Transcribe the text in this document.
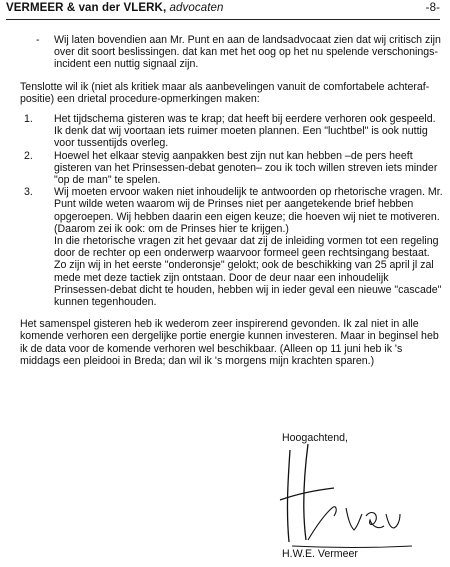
VERMEER & van der VLERK, advocaten	-8-
- Wij laten bovendien aan Mr. Punt en aan de landsadvocaat zien dat wij critisch zijn over dit soort beslissingen. dat kan met het oog op het nu spelende verschonings-incident een nuttig signaal zijn.
Tenslotte wil ik (niet als kritiek maar als aanbevelingen vanuit de comfortabele achteraf-positie) een drietal procedure-opmerkingen maken:
1. Het tijdschema gisteren was te krap; dat heeft bij eerdere verhoren ook gespeeld. Ik denk dat wij voortaan iets ruimer moeten plannen. Een "luchtbel" is ook nuttig voor tussentijds overleg.
2. Hoewel het elkaar stevig aanpakken best zijn nut kan hebben –de pers heeft gisteren van het Prinsessen-debat genoten– zou ik toch willen streven iets minder "op de man" te spelen.
3. Wij moeten ervoor waken niet inhoudelijk te antwoorden op rhetorische vragen. Mr. Punt wilde weten waarom wij de Prinses niet per aangetekende brief hebben opgeroepen. Wij hebben daarin een eigen keuze; die hoeven wij niet te motiveren. (Daarom zei ik ook: om de Prinses hier te krijgen.)
In die rhetorische vragen zit het gevaar dat zij de inleiding vormen tot een regeling door de rechter op een onderwerp waarvoor formeel geen rechtsingang bestaat. Zo zijn wij in het eerste "onderonsje" gelokt; ook de beschikking van 25 april jl zal mede met deze tactiek zijn ontstaan. Door de deur naar een inhoudelijk Prinsessen-debat dicht te houden, hebben wij in ieder geval een nieuwe "cascade" kunnen tegenhouden.
Het samenspel gisteren heb ik wederom zeer inspirerend gevonden. Ik zal niet in alle komende verhoren een dergelijke portie energie kunnen investeren. Maar in beginsel heb ik de data voor de komende verhoren wel beschikbaar. (Alleen op 11 juni heb ik 's middags een pleidooi in Breda; dan wil ik 's morgens mijn krachten sparen.)
Hoogachtend,
H.W.E. Vermeer
